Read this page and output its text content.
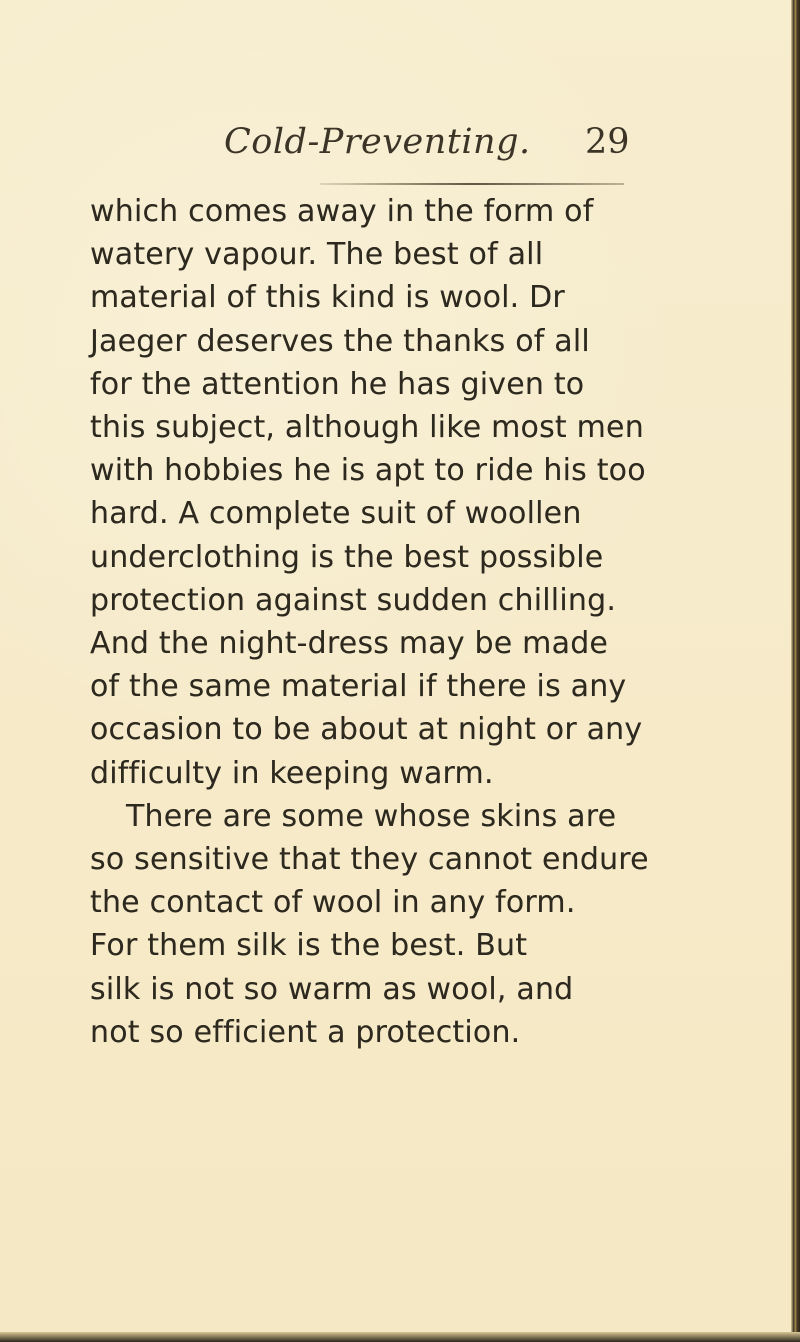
Cold-Preventing. 29
which comes away in the form of
watery vapour. The best of all
material of this kind is wool. Dr
Jaeger deserves the thanks of all
for the attention he has given to
this subject, although like most men
with hobbies he is apt to ride his too
hard. A complete suit of woollen
underclothing is the best possible
protection against sudden chilling.
And the night-dress may be made
of the same material if there is any
occasion to be about at night or any
difficulty in keeping warm.
There are some whose skins are
so sensitive that they cannot endure
the contact of wool in any form.
For them silk is the best. But
silk is not so warm as wool, and
not so efficient a protection.
